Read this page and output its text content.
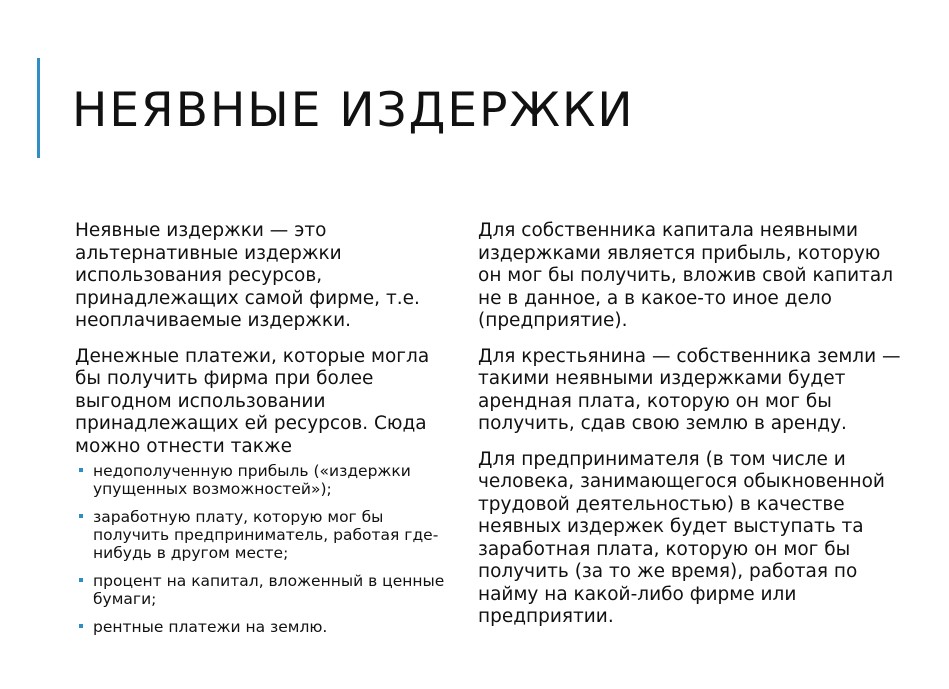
НЕЯВНЫЕ ИЗДЕРЖКИ

Неявные издержки — это альтернативные издержки использования ресурсов, принадлежащих самой фирме, т.е. неоплачиваемые издержки.

Денежные платежи, которые могла бы получить фирма при более выгодном использовании принадлежащих ей ресурсов. Сюда можно отнести также

недополученную прибыль («издержки упущенных возможностей»);
заработную плату, которую мог бы получить предприниматель, работая где-нибудь в другом месте;
процент на капитал, вложенный в ценные бумаги;
рентные платежи на землю.

Для собственника капитала неявными издержками является прибыль, которую он мог бы получить, вложив свой капитал не в данное, а в какое-то иное дело (предприятие).

Для крестьянина — собственника земли — такими неявными издержками будет арендная плата, которую он мог бы получить, сдав свою землю в аренду.

Для предпринимателя (в том числе и человека, занимающегося обыкновенной трудовой деятельностью) в качестве неявных издержек будет выступать та заработная плата, которую он мог бы получить (за то же время), работая по найму на какой-либо фирме или предприятии.
